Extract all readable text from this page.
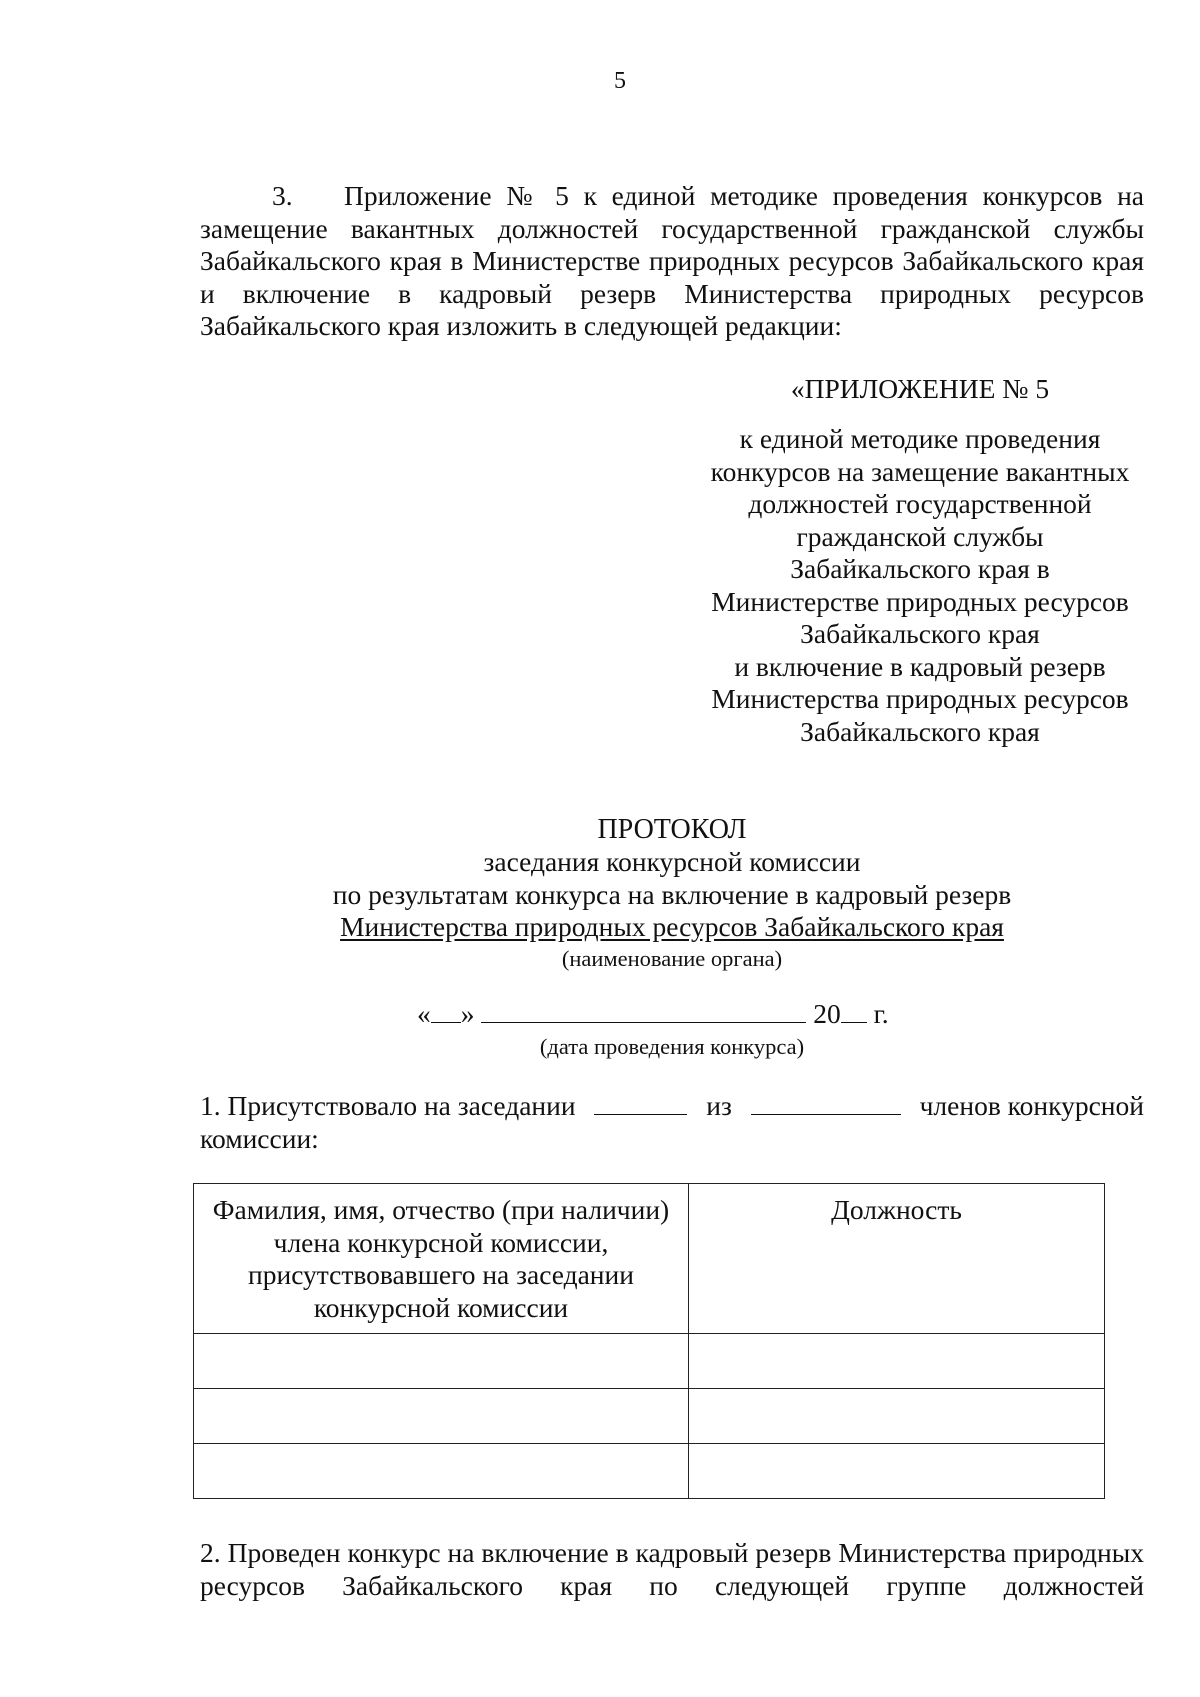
5
3. Приложение № 5 к единой методике проведения конкурсов на замещение вакантных должностей государственной гражданской службы Забайкальского края в Министерстве природных ресурсов Забайкальского края и включение в кадровый резерв Министерства природных ресурсов Забайкальского края изложить в следующей редакции:
«ПРИЛОЖЕНИЕ № 5
к единой методике проведения
конкурсов на замещение вакантных
должностей государственной
гражданской службы
Забайкальского края в
Министерстве природных ресурсов
Забайкальского края
и включение в кадровый резерв
Министерства природных ресурсов
Забайкальского края
ПРОТОКОЛ
заседания конкурсной комиссии
по результатам конкурса на включение в кадровый резерв
Министерства природных ресурсов Забайкальского края
(наименование органа)
« »	20 г.
(дата проведения конкурса)
1. Присутствовало на заседании	из	членов конкурсной
комиссии:
Фамилия, имя, отчество (при наличии) члена конкурсной комиссии, присутствовавшего на заседании конкурсной комиссии	Должность

2. Проведен конкурс на включение в кадровый резерв Министерства природных ресурсов Забайкальского края по следующей группе должностей
